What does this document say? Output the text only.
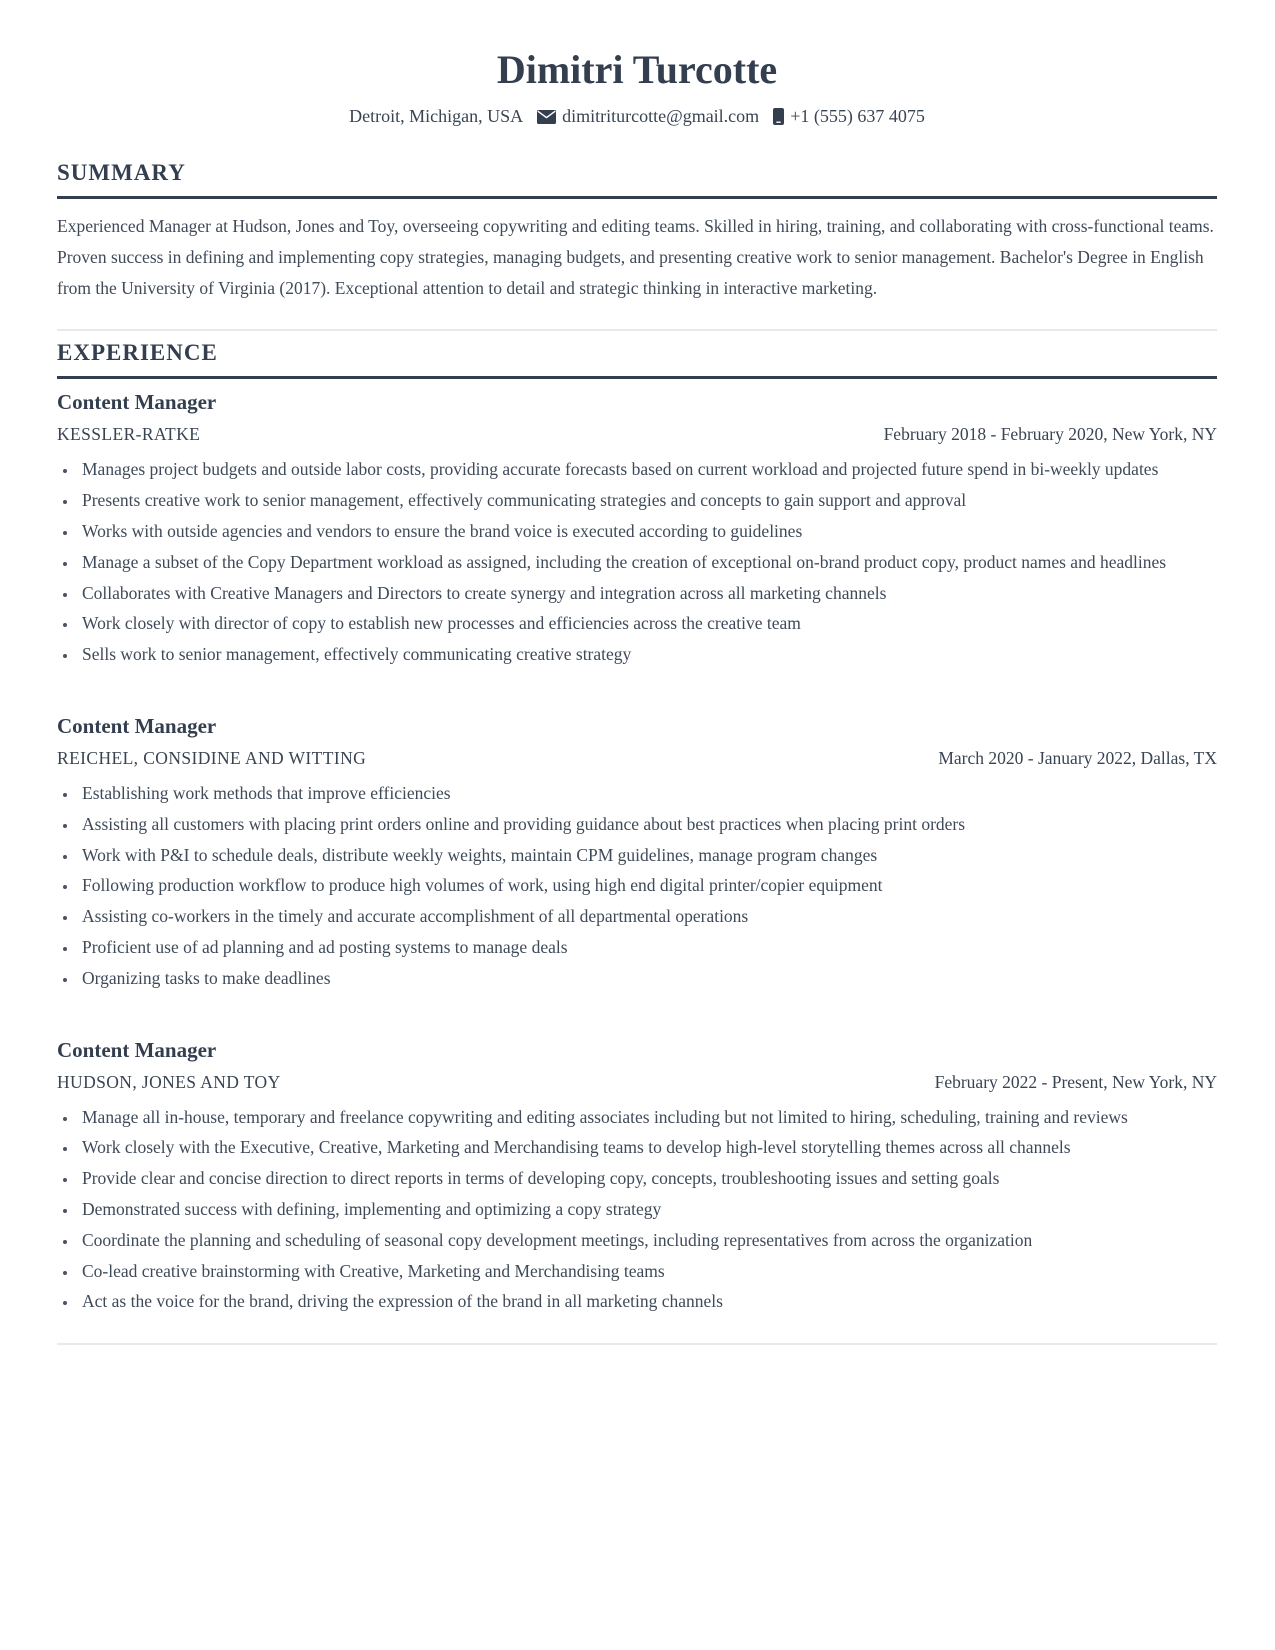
Dimitri Turcotte
Detroit, Michigan, USA dimitriturcotte@gmail.com +1 (555) 637 4075
SUMMARY

Experienced Manager at Hudson, Jones and Toy, overseeing copywriting and editing teams. Skilled in hiring, training, and collaborating with cross-functional teams. Proven success in defining and implementing copy strategies, managing budgets, and presenting creative work to senior management. Bachelor's Degree in English from the University of Virginia (2017). Exceptional attention to detail and strategic thinking in interactive marketing.

EXPERIENCE
Content Manager
KESSLER-RATKE	February 2018 - February 2020, New York, NY
• Manages project budgets and outside labor costs, providing accurate forecasts based on current workload and projected future spend in bi-weekly updates
• Presents creative work to senior management, effectively communicating strategies and concepts to gain support and approval
• Works with outside agencies and vendors to ensure the brand voice is executed according to guidelines
• Manage a subset of the Copy Department workload as assigned, including the creation of exceptional on-brand product copy, product names and headlines
• Collaborates with Creative Managers and Directors to create synergy and integration across all marketing channels
• Work closely with director of copy to establish new processes and efficiencies across the creative team
• Sells work to senior management, effectively communicating creative strategy
Content Manager
REICHEL, CONSIDINE AND WITTING	March 2020 - January 2022, Dallas, TX
• Establishing work methods that improve efficiencies
• Assisting all customers with placing print orders online and providing guidance about best practices when placing print orders
• Work with P&I to schedule deals, distribute weekly weights, maintain CPM guidelines, manage program changes
• Following production workflow to produce high volumes of work, using high end digital printer/copier equipment
• Assisting co-workers in the timely and accurate accomplishment of all departmental operations
• Proficient use of ad planning and ad posting systems to manage deals
• Organizing tasks to make deadlines
Content Manager
HUDSON, JONES AND TOY	February 2022 - Present, New York, NY
• Manage all in-house, temporary and freelance copywriting and editing associates including but not limited to hiring, scheduling, training and reviews
• Work closely with the Executive, Creative, Marketing and Merchandising teams to develop high-level storytelling themes across all channels
• Provide clear and concise direction to direct reports in terms of developing copy, concepts, troubleshooting issues and setting goals
• Demonstrated success with defining, implementing and optimizing a copy strategy
• Coordinate the planning and scheduling of seasonal copy development meetings, including representatives from across the organization
• Co-lead creative brainstorming with Creative, Marketing and Merchandising teams
• Act as the voice for the brand, driving the expression of the brand in all marketing channels
